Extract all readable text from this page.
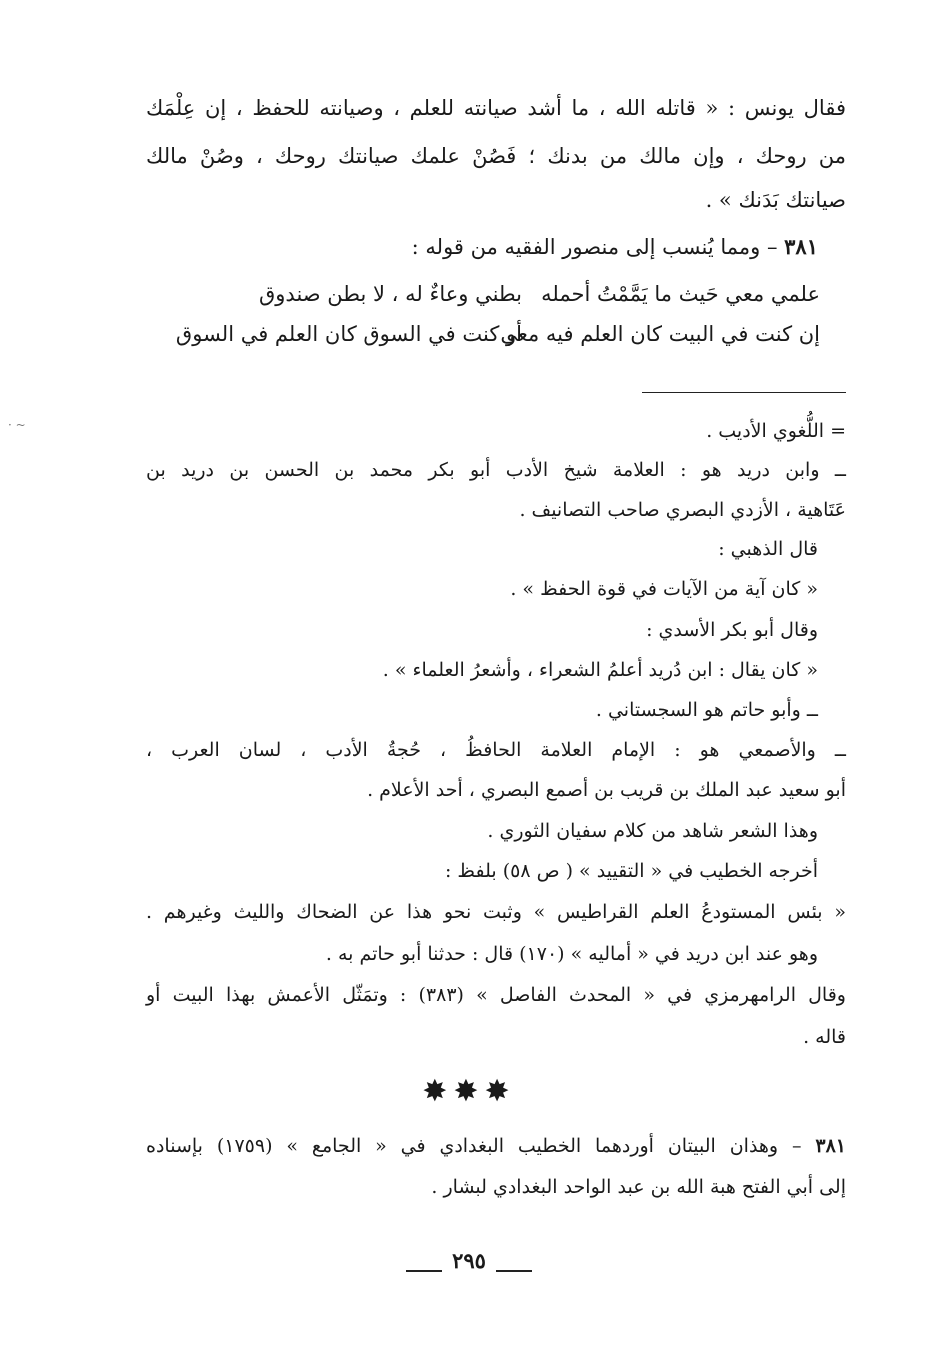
فقال يونس : « قاتله الله ، ما أشد صيانته للعلم ، وصيانته للحفظ ، إن عِلْمَك

من روحك ، وإن مالك من بدنك ؛ فَصُنْ علمك صيانتك روحك ، وصُنْ مالك

صيانتك بَدَنك » .

٣٨١ – ومما يُنسب إلى منصور الفقيه من قوله :

علمي معي حَيث ما يَمَّمْتُ أحمله
بطني وعاءٌ له ، لا بطن صندوق
إن كنت في البيت كان العلم فيه معي
أو كنت في السوق كان العلم في السوق
· ~	= اللُّغوي الأديب .

ــ وابن دريد هو : العلامة شيخ الأدب أبو بكر محمد بن الحسن بن دريد بن

عَتَاهية ، الأزدي البصري صاحب التصانيف .

قال الذهبي :

« كان آية من الآيات في قوة الحفظ » .

وقال أبو بكر الأسدي :

« كان يقال : ابن دُريد أعلمُ الشعراء ، وأشعرُ العلماء » .

ــ وأبو حاتم هو السجستاني .

ــ والأصمعي هو : الإمام العلامة الحافظُ ، حُجةُ الأدب ، لسان العرب ،

أبو سعيد عبد الملك بن قريب بن أصمع البصري ، أحد الأعلام .

وهذا الشعر شاهد من كلام سفيان الثوري .

أخرجه الخطيب في « التقييد » ( ص ٥٨) بلفظ :

« بئس المستودعُ العلم القراطيس » وثبت نحو هذا عن الضحاك والليث وغيرهم .

وهو عند ابن دريد في « أماليه » (١٧٠) قال : حدثنا أبو حاتم به .

وقال الرامهرمزي في « المحدث الفاصل » (٣٨٣) : وتمَثّل الأعمش بهذا البيت أو

قاله .

✸✸✸

٣٨١ – وهذان البيتان أوردهما الخطيب البغدادي في « الجامع » (١٧٥٩) بإسناده

إلى أبي الفتح هبة الله بن عبد الواحد البغدادي لبشار .

٢٩٥
